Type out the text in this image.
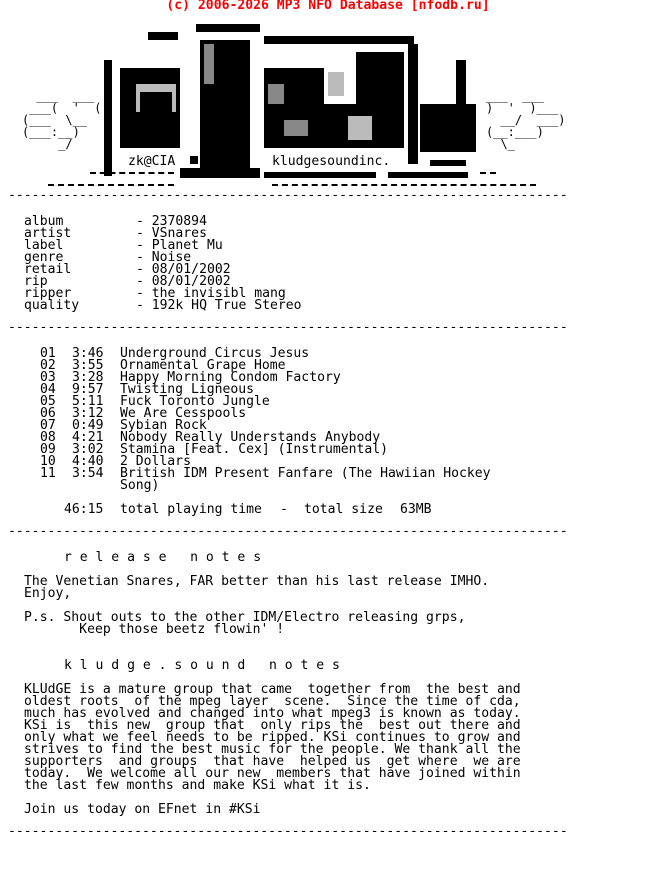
(c) 2006-2026 MP3 NFO Database [nfodb.ru]
___  ___
___(  '  (
(___  \__
(___:__)
_/
___  ___
)  '  )___
__/  ___)
(__:___)
\_
zk@CIA	kludgesoundinc.
-----------------------------------------------------------------------
album	- 2370894
artist	- VSnares
label	- Planet Mu
genre	- Noise
retail	- 08/01/2002
rip	- 08/01/2002
ripper	- the invisibl mang
quality	- 192k HQ True Stereo
-----------------------------------------------------------------------
01 3:46 Underground Circus Jesus
02 3:55 Ornamental Grape Home
03 3:28 Happy Morning Condom Factory
04 9:57 Twisting Ligneous
05 5:11 Fuck Toronto Jungle
06 3:12 We Are Cesspools
07 0:49 Sybian Rock
08 4:21 Nobody Really Understands Anybody
09 3:02 Stamina [Feat. Cex] (Instrumental)
10 4:40 2 Dollars
11 3:54 British IDM Present Fanfare (The Hawiian Hockey
Song)
46:15 total playing time - total size 63MB
-----------------------------------------------------------------------
r e l e a s e   n o t e s
The Venetian Snares, FAR better than his last release IMHO.
Enjoy,
P.s. Shout outs to the other IDM/Electro releasing grps,
Keep those beetz flowin' !
k l u d g e . s o u n d   n o t e s
KLUdGE is a mature group that came  together from  the best and
oldest roots  of the mpeg layer  scene.  Since the time of cda,
much has evolved and changed into what mpeg3 is known as today.
KSi is  this new  group that  only rips the  best out there and
only what we feel needs to be ripped. KSi continues to grow and
strives to find the best music for the people. We thank all the
supporters  and groups  that have  helped us  get where  we are
today.  We welcome all our new  members that have joined within
the last few months and make KSi what it is.
Join us today on EFnet in #KSi
-----------------------------------------------------------------------
